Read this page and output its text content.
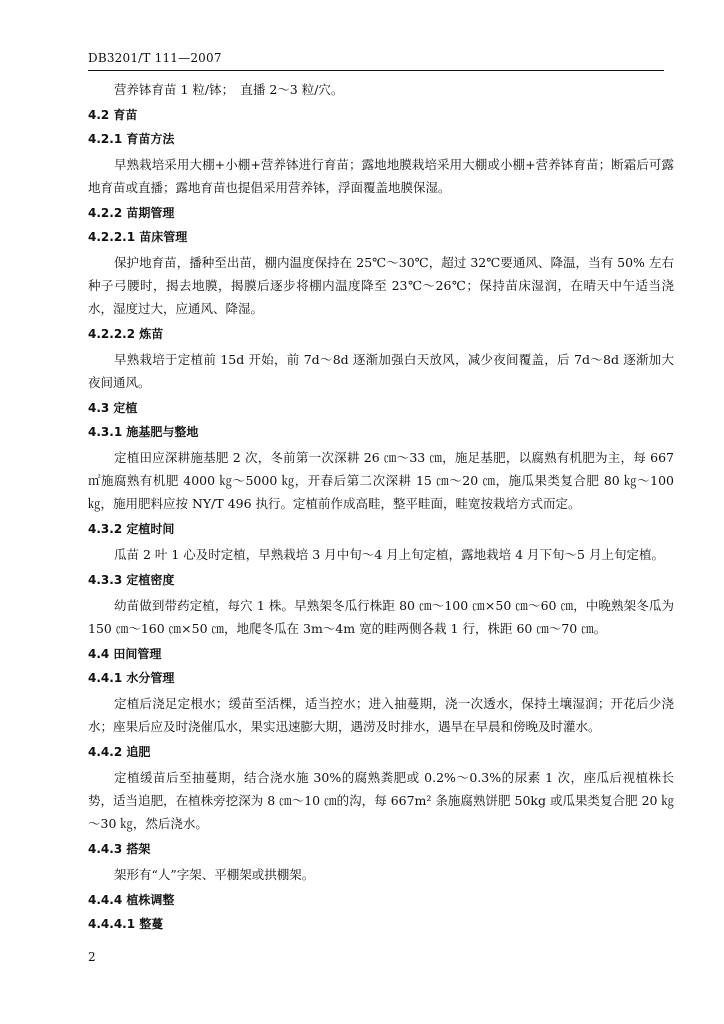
DB3201/T 111—2007
营养钵育苗 1 粒/钵；　直播 2～3 粒/穴。
4.2 育苗
4.2.1 育苗方法
早熟栽培采用大棚+小棚+营养钵进行育苗；露地地膜栽培采用大棚或小棚+营养钵育苗；断霜后可露地育苗或直播；露地育苗也提倡采用营养钵，浮面覆盖地膜保湿。
4.2.2 苗期管理
4.2.2.1 苗床管理
保护地育苗，播种至出苗，棚内温度保持在 25℃～30℃，超过 32℃要通风、降温，当有 50% 左右种子弓腰时，揭去地膜，揭膜后逐步将棚内温度降至 23℃～26℃；保持苗床湿润，在晴天中午适当浇水，湿度过大，应通风、降湿。
4.2.2.2 炼苗
早熟栽培于定植前 15d 开始，前 7d～8d 逐渐加强白天放风，减少夜间覆盖，后 7d～8d 逐渐加大夜间通风。
4.3 定植
4.3.1 施基肥与整地
定植田应深耕施基肥 2 次，冬前第一次深耕 26 ㎝～33 ㎝，施足基肥，以腐熟有机肥为主，每 667 ㎡施腐熟有机肥 4000 ㎏～5000 ㎏，开春后第二次深耕 15 ㎝～20 ㎝，施瓜果类复合肥 80 ㎏～100 ㎏，施用肥料应按 NY/T 496 执行。定植前作成高畦，整平畦面，畦宽按栽培方式而定。
4.3.2 定植时间
瓜苗 2 叶 1 心及时定植，早熟栽培 3 月中旬～4 月上旬定植，露地栽培 4 月下旬～5 月上旬定植。
4.3.3 定植密度
幼苗做到带药定植，每穴 1 株。早熟架冬瓜行株距 80 ㎝～100 ㎝×50 ㎝～60 ㎝，中晚熟架冬瓜为 150 ㎝～160 ㎝×50 ㎝，地爬冬瓜在 3m～4m 宽的畦两侧各栽 1 行，株距 60 ㎝～70 ㎝。
4.4 田间管理
4.4.1 水分管理
定植后浇足定根水；缓苗至活棵，适当控水；进入抽蔓期，浇一次透水，保持土壤湿润；开花后少浇水；座果后应及时浇催瓜水，果实迅速膨大期，遇涝及时排水，遇旱在早晨和傍晚及时灌水。
4.4.2 追肥
定植缓苗后至抽蔓期，结合浇水施 30%的腐熟粪肥或 0.2%～0.3%的尿素 1 次，座瓜后视植株长势，适当追肥，在植株旁挖深为 8 ㎝～10 ㎝的沟，每 667m² 条施腐熟饼肥 50kg 或瓜果类复合肥 20 ㎏～30 ㎏，然后浇水。
4.4.3 搭架
架形有“人”字架、平棚架或拱棚架。
4.4.4 植株调整
4.4.4.1 整蔓
2
